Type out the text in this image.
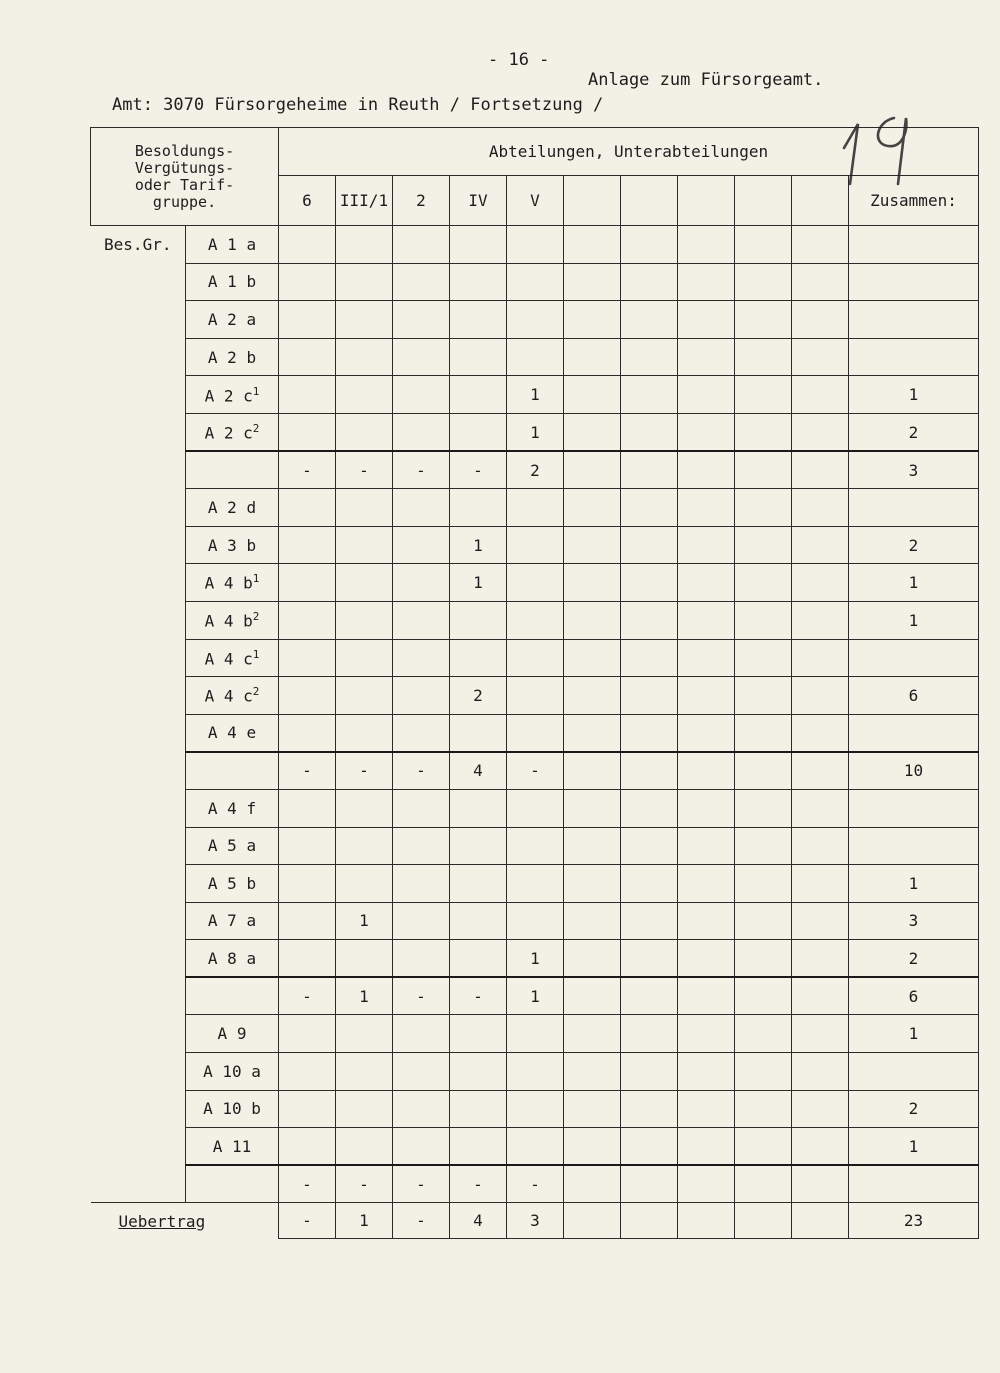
- 16 -
Anlage zum Fürsorgeamt.
Amt: 3070 Fürsorgeheime in Reuth / Fortsetzung /
Besoldungs-
Vergütungs-
oder Tarif-
gruppe.		Abteilungen, Unterabteilungen										
		6	III/1	2	IV	V						Zusammen:
Bes.Gr.	A 1 a											
	A 1 b											
	A 2 a											
	A 2 b											
	A 2 $c^1$					1						1
	A 2 $c^2$					1						2
		-	-	-	-	2						3
	A 2 d											
	A 3 b				1							2
	A 4 $b^1$				1							1
	A 4 $b^2$											1
	A 4 $c^1$											
	A 4 $c^2$				2							6
	A 4 e											
		-	-	-	4	-						10
	A 4 f											
	A 5 a											
	A 5 b											1
	A 7 a		1									3
	A 8 a					1						2
		-	1	-	-	1						6
	A 9											1
	A 10 a											
	A 10 b											2
	A 11											1
		-	-	-	-	-						
Uebertrag		-	1	-	4	3						23
